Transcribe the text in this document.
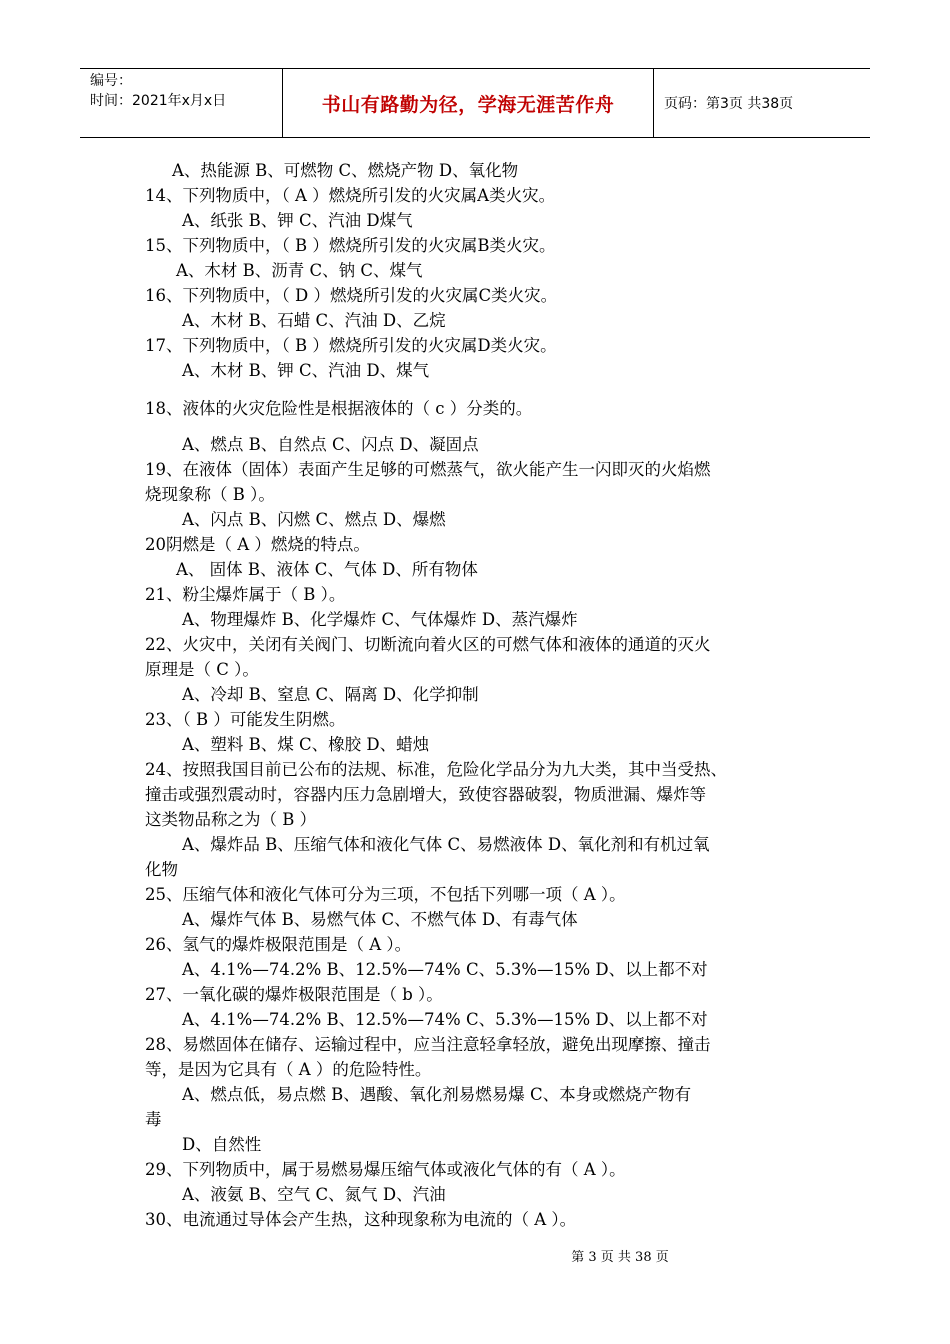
编号：
时间：2021年x月x日	书山有路勤为径，学海无涯苦作舟	页码：第3页 共38页
A、热能源 B、可燃物 C、燃烧产物 D、氧化物
14、下列物质中，（ A ）燃烧所引发的火灾属A类火灾。
A、纸张 B、钾 C、汽油 D煤气
15、下列物质中，（ B ）燃烧所引发的火灾属B类火灾。
A、木材 B、沥青 C、钠 C、煤气
16、下列物质中，（ D ）燃烧所引发的火灾属C类火灾。
A、木材 B、石蜡 C、汽油 D、乙烷
17、下列物质中，（ B ）燃烧所引发的火灾属D类火灾。
A、木材 B、钾 C、汽油 D、煤气
18、液体的火灾危险性是根据液体的（ c ）分类的。
A、燃点 B、自然点 C、闪点 D、凝固点
19、在液体（固体）表面产生足够的可燃蒸气，欲火能产生一闪即灭的火焰燃
烧现象称（ B ）。
A、闪点 B、闪燃 C、燃点 D、爆燃
20阴燃是（ A ）燃烧的特点。
A、 固体 B、液体 C、气体 D、所有物体
21、粉尘爆炸属于（ B ）。
A、物理爆炸 B、化学爆炸 C、气体爆炸 D、蒸汽爆炸
22、火灾中，关闭有关阀门、切断流向着火区的可燃气体和液体的通道的灭火
原理是（ C ）。
A、冷却 B、窒息 C、隔离 D、化学抑制
23、（ B ）可能发生阴燃。
A、塑料 B、煤 C、橡胶 D、蜡烛
24、按照我国目前已公布的法规、标准，危险化学品分为九大类，其中当受热、
撞击或强烈震动时，容器内压力急剧增大，致使容器破裂，物质泄漏、爆炸等
这类物品称之为（ B ）
A、爆炸品 B、压缩气体和液化气体 C、易燃液体 D、氧化剂和有机过氧
化物
25、压缩气体和液化气体可分为三项，不包括下列哪一项（ A ）。
A、爆炸气体 B、易燃气体 C、不燃气体 D、有毒气体
26、氢气的爆炸极限范围是（ A ）。
A、4.1%—74.2% B、12.5%—74% C、5.3%—15% D、以上都不对
27、一氧化碳的爆炸极限范围是（ b ）。
A、4.1%—74.2% B、12.5%—74% C、5.3%—15% D、以上都不对
28、易燃固体在储存、运输过程中，应当注意轻拿轻放，避免出现摩擦、撞击
等，是因为它具有（ A ）的危险特性。
A、燃点低，易点燃 B、遇酸、氧化剂易燃易爆 C、本身或燃烧产物有
毒
D、自然性
29、下列物质中，属于易燃易爆压缩气体或液化气体的有（ A ）。
A、液氨 B、空气 C、氮气 D、汽油
30、电流通过导体会产生热，这种现象称为电流的（ A ）。
第 3 页 共 38 页
